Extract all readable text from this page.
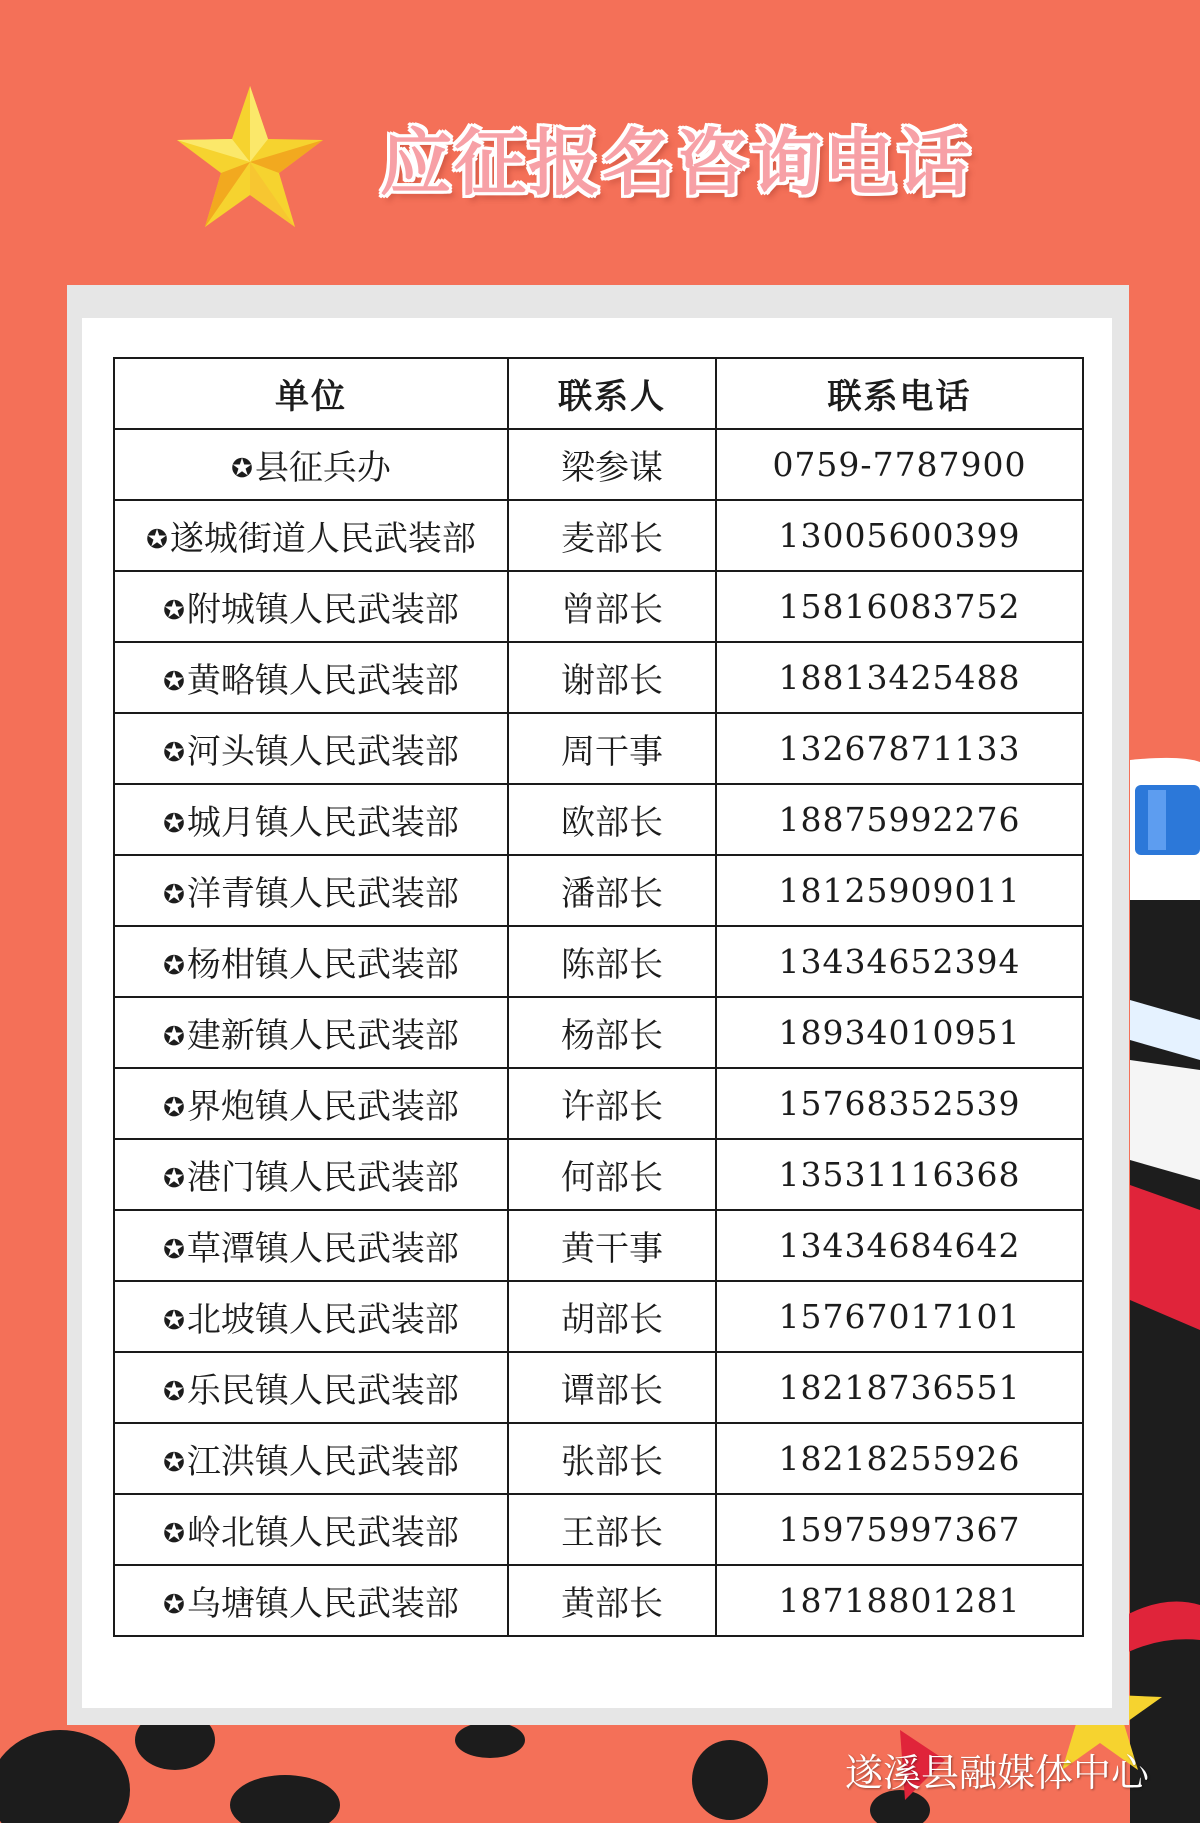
应征报名咨询电话
单位	联系人	联系电话
✪县征兵办	梁参谋	0759-7787900
✪遂城街道人民武装部	麦部长	13005600399
✪附城镇人民武装部	曾部长	15816083752
✪黄略镇人民武装部	谢部长	18813425488
✪河头镇人民武装部	周干事	13267871133
✪城月镇人民武装部	欧部长	18875992276
✪洋青镇人民武装部	潘部长	18125909011
✪杨柑镇人民武装部	陈部长	13434652394
✪建新镇人民武装部	杨部长	18934010951
✪界炮镇人民武装部	许部长	15768352539
✪港门镇人民武装部	何部长	13531116368
✪草潭镇人民武装部	黄干事	13434684642
✪北坡镇人民武装部	胡部长	15767017101
✪乐民镇人民武装部	谭部长	18218736551
✪江洪镇人民武装部	张部长	18218255926
✪岭北镇人民武装部	王部长	15975997367
✪乌塘镇人民武装部	黄部长	18718801281
遂溪县融媒体中心
